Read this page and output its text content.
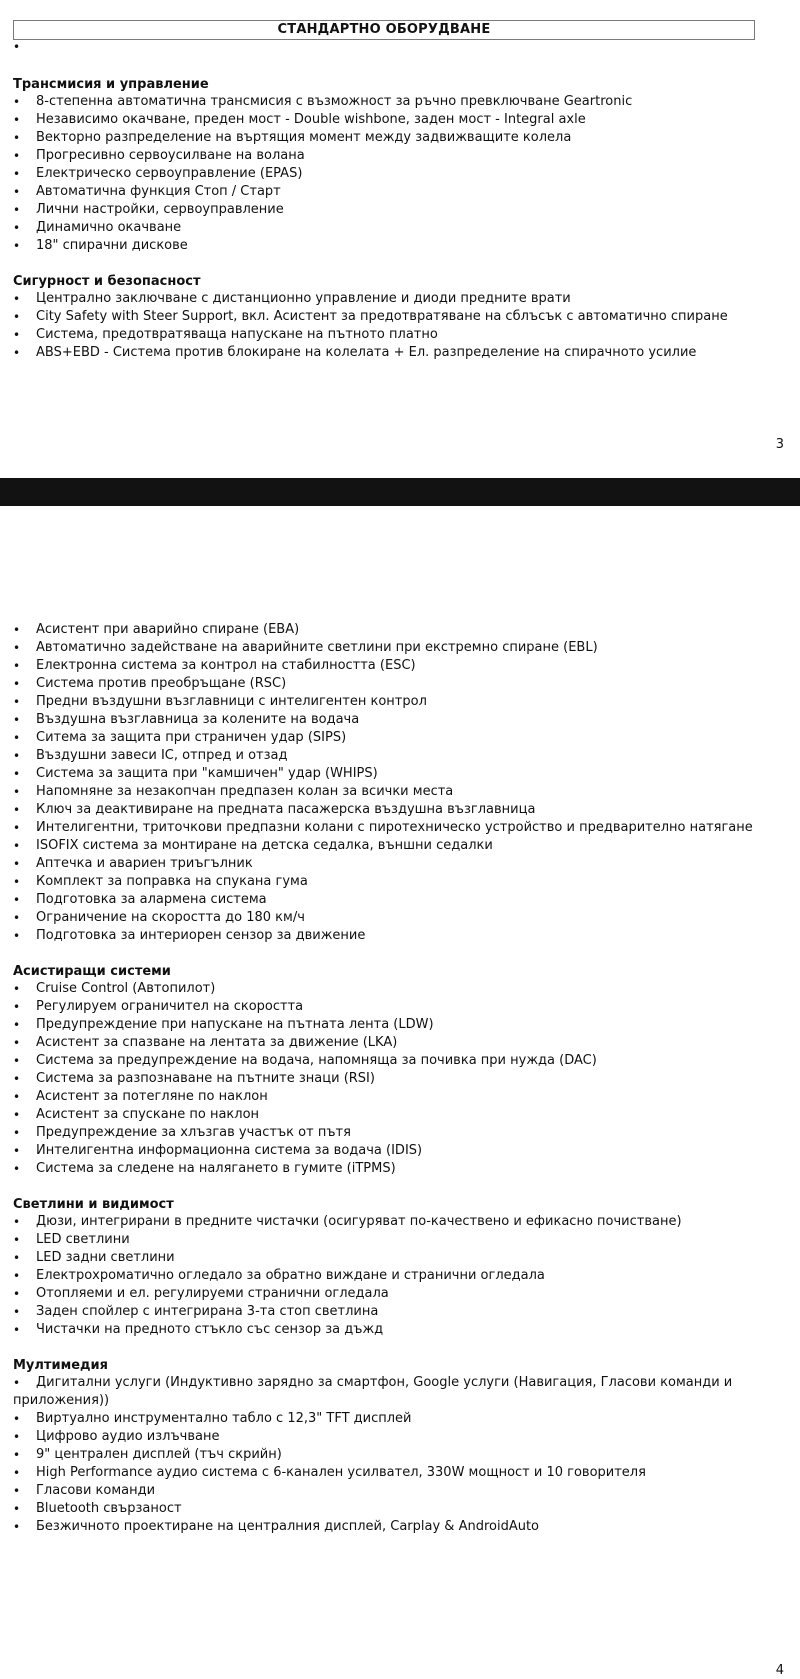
СТАНДАРТНО ОБОРУДВАНЕ
•
Трансмисия и управление
• 8-степенна автоматична трансмисия с възможност за ръчно превключване Geartronic
• Независимо окачване, преден мост - Double wishbone, заден мост - Integral axle
• Векторно разпределение на въртящия момент между задвижващите колела
• Прогресивно сервоусилване на волана
• Електрическо сервоуправление (EPAS)
• Автоматична функция Стоп / Старт
• Лични настройки, сервоуправление
• Динамично окачване
• 18" спирачни дискове
Сигурност и безопасност
• Централно заключване с дистанционно управление и диоди предните врати
• City Safety with Steer Support, вкл. Асистент за предотвратяване на сблъсък с автоматично спиране
• Система, предотвратяваща напускане на пътното платно
• ABS+EBD - Система против блокиране на колелата + Ел. разпределение на спирачното усилие
3
• Асистент при аварийно спиране (EBA)
• Автоматично задействане на аварийните светлини при екстремно спиране (EBL)
• Електронна система за контрол на стабилността (ESC)
• Система против преобръщане (RSC)
• Предни въздушни възглавници с интелигентен контрол
• Въздушна възглавница за колените на водача
• Ситема за защита при страничен удар (SIPS)
• Въздушни завеси IC, отпред и отзад
• Система за защита при "камшичен" удар (WHIPS)
• Напомняне за незакопчан предпазен колан за всички места
• Ключ за деактивиране на предната пасажерска въздушна възглавница
• Интелигентни, триточкови предпазни колани с пиротехническо устройство и предварително натягане
• ISOFIX система за монтиране на детска седалка, външни седалки
• Аптечка и авариен триъгълник
• Комплект за поправка на спукана гума
• Подготовка за алармена система
• Ограничение на скоростта до 180 км/ч
• Подготовка за интериорен сензор за движение
Асистиращи системи
• Cruise Control (Автопилот)
• Регулируем ограничител на скоростта
• Предупреждение при напускане на пътната лента (LDW)
• Асистент за спазване на лентата за движение (LKA)
• Система за предупреждение на водача, напомняща за почивка при нужда (DAC)
• Система за разпознаване на пътните знаци (RSI)
• Асистент за потегляне по наклон
• Асистент за спускане по наклон
• Предупреждение за хлъзгав участък от пътя
• Интелигентна информационна система за водача (IDIS)
• Система за следене на налягането в гумите (iTPMS)
Светлини и видимост
• Дюзи, интегрирани в предните чистачки (осигуряват по-качествено и ефикасно почистване)
• LED светлини
• LED задни светлини
• Електрохроматично огледало за обратно виждане и странични огледала
• Отопляеми и ел. регулируеми странични огледала
• Заден спойлер с интегрирана 3-та стоп светлина
• Чистачки на предното стъкло със сензор за дъжд
Мултимедия
• Дигитални услуги (Индуктивно зарядно за смартфон, Google услуги (Навигация, Гласови команди и приложения))
• Виртуално инструментално табло с 12,3" TFT дисплей
• Цифрово аудио излъчване
• 9" централен дисплей (тъч скрийн)
• High Performance аудио система с 6-канален усилвател, 330W мощност и 10 говорителя
• Гласови команди
• Bluetooth свързаност
• Безжичното проектиране на централния дисплей, Carplay & AndroidAuto
4
